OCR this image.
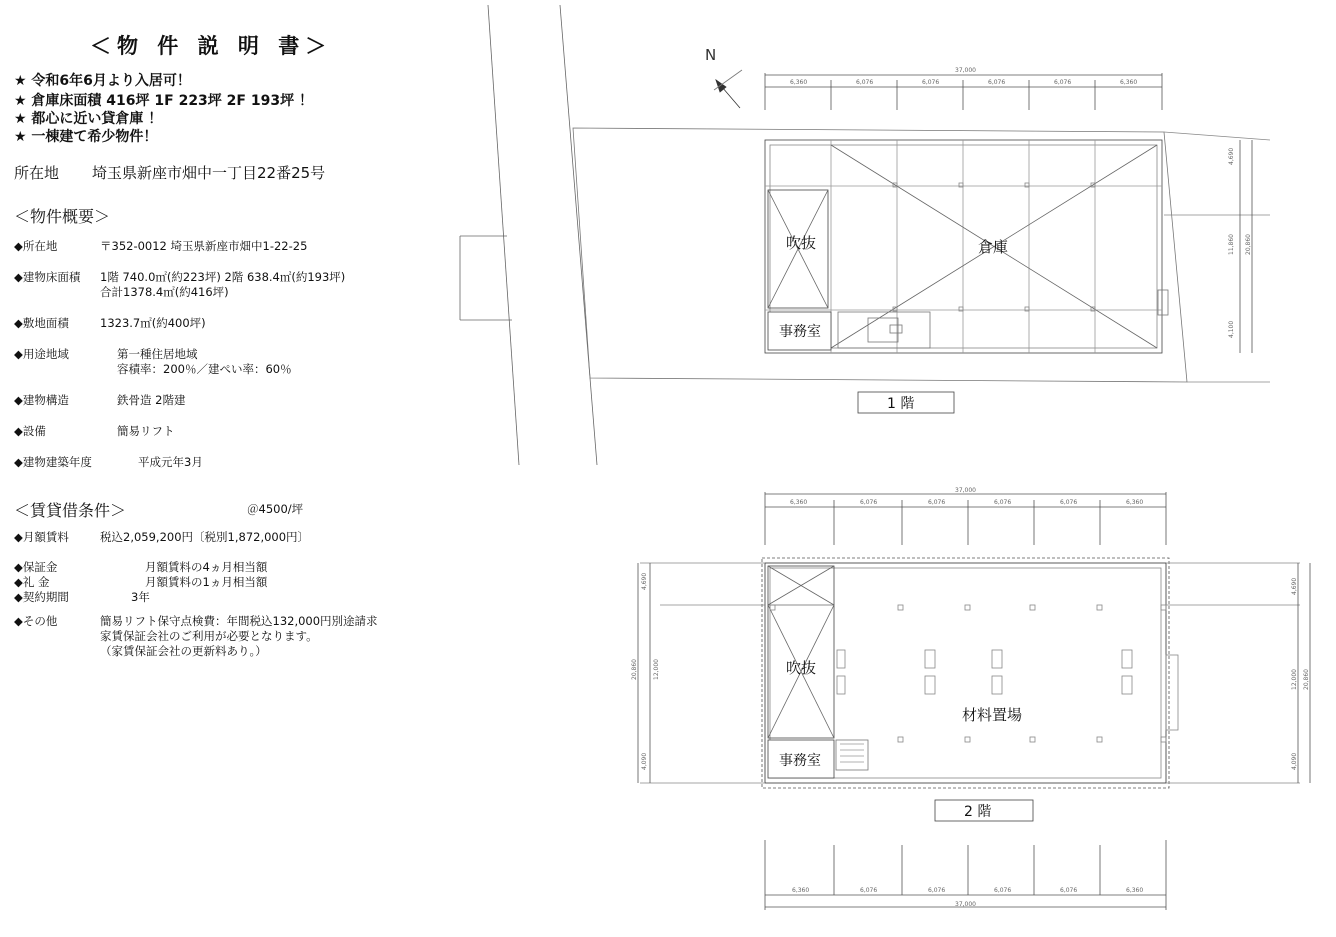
＜物 件 説 明 書＞
★ 令和6年6月より入居可！
★ 倉庫床面積 416坪 1F 223坪 2F 193坪 ！
★ 都心に近い貸倉庫 ！
★ 一棟建て希少物件！
所在地 埼玉県新座市畑中一丁目22番25号
＜物件概要＞
◆所在地	〒352-0012 埼玉県新座市畑中1-22-25
◆建物床面積 1階 740.0㎡(約223坪) 2階 638.4㎡(約193坪)
合計1378.4㎡(約416坪)
◆敷地面積	1323.7㎡(約400坪)
◆用途地域	第一種住居地域
容積率：200％／建ぺい率：60％
◆建物構造	鉄骨造 2階建
◆設備	簡易リフト
◆建物建築年度	平成元年3月
＜賃貸借条件＞	＠4500/坪
◆月額賃料	税込2,059,200円〔税別1,872,000円〕
◆保証金	月額賃料の4ヵ月相当額
◆礼 金	月額賃料の1ヵ月相当額
◆契約期間	3年
◆その他	簡易リフト保守点検費：年間税込132,000円別途請求
家賃保証会社のご利用が必要となります。
（家賃保証会社の更新料あり。）
N
37,000
6,360	6,076	6,076	6,076	6,076	6,360
4,690
11,860
4,100
20,860
吹抜	倉庫
事務室
1 階
37,000
6,360	6,076	6,076	6,076	6,076	6,360
4,690
12,000
4,090
20,860
4,690
12,000
4,090
20,860
吹抜
材料置場
事務室
2 階
6,360	6,076	6,076	6,076	6,076	6,360
37,000
